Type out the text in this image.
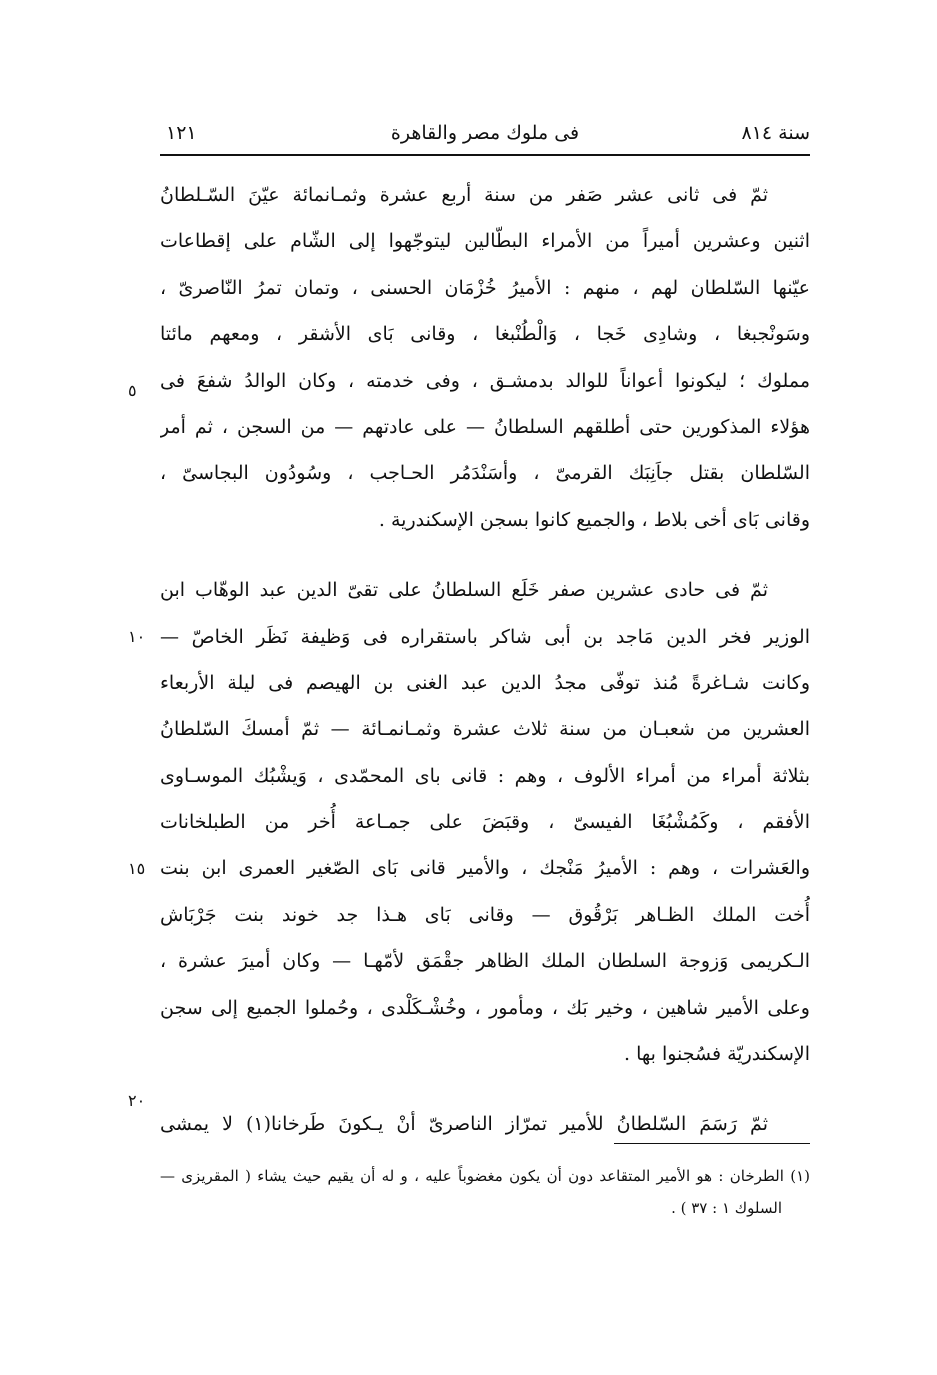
سنة ٨١٤
فى ملوك مصر والقاهرة
١٢١
ثمّ فى ثانى عشر صَفر من سنة أربع عشرة وثمـانمائة عيّنَ السّـلطانُ
اثنين وعشرين أميراً من الأمراء البطّالين ليتوجّهوا إلى الشّام على إقطاعات
عيّنها السّلطان لهم ، منهم : الأميرُ خُزْمَان الحسنى ، وتمان تمرُ النّاصرىّ ،
وسَونْجبغا ، وشادِى خَجا ، وَالْطُنْبغا ، وقانى بَاى الأشقر ، ومعهم مائتا
مملوك ؛ ليكونوا أعواناً للوالد بدمشـق ، وفى خدمته ، وكان الوالدُ شفعَ فى
هؤلاء المذكورين حتى أطلقهم السلطانُ — على عادتهم — من السجن ، ثم أمر
السّلطان بقتل جاَنِبَك القرمىّ ، وأسَنْدَمُر الحـاجب ، وسُودُون البجاسىّ ،
وقانى بَاى أخى بلاط ، والجميع كانوا بسجن الإسكندرية .
ثمّ فى حادى عشرين صفر خَلَع السلطانُ على تقىّ الدين عبد الوهّاب ابن
الوزير فخر الدين مَاجد بن أبى شاكر باستقراره فى وَظيفة نَظَر الخاصّ —
وكانت شـاغرةً مُنذ توفّى مجدُ الدين عبد الغنى بن الهيصم فى ليلة الأربعاء
العشرين من شعبـان من سنة ثلاث عشرة وثمـانمـائة — ثمّ أمسكَ السّلطانُ
بثلاثة أمراء من أمراء الألوف ، وهم : قانى باى المحمّدى ، وَيشْبُك الموسـاوى
الأفقم ، وكَمُشْبُغَا الفيسىّ ، وقبَضَ على جمـاعة أُخر من الطبلخانات
والعَشرات ، وهم : الأميرُ مَنْجك ، والأمير قانى بَاى الصّغير العمرى ابن بنت
أُخت الملك الظـاهر بَرْقُوق — وقانى بَاى هـذا جد خوند بنت جَرْبَاش
الـكريمى وَزوجة السلطان الملك الظاهر جقْمَق لأمّهـا — وكان أميرَ عشرة ،
وعلى الأمير شاهين ، وخير بَك ، ومأمور ، وخُشْـكَلْدى ، وحُملوا الجميع إلى سجن
الإسكندريّة فسُجنوا بها .
ثمّ رَسَمَ السّلطانُ للأمير تمرّاز الناصرىّ أنْ يـكونَ طَرخانا(١) لا يمشى
٥
١٠
١٥
٢٠
(١) الطرخان : هو الأمير المتقاعد دون أن يكون مغضوباً عليه ، و له أن يقيم حيث يشاء ( المقريزى —
السلوك ١ : ٣٧ ) .
